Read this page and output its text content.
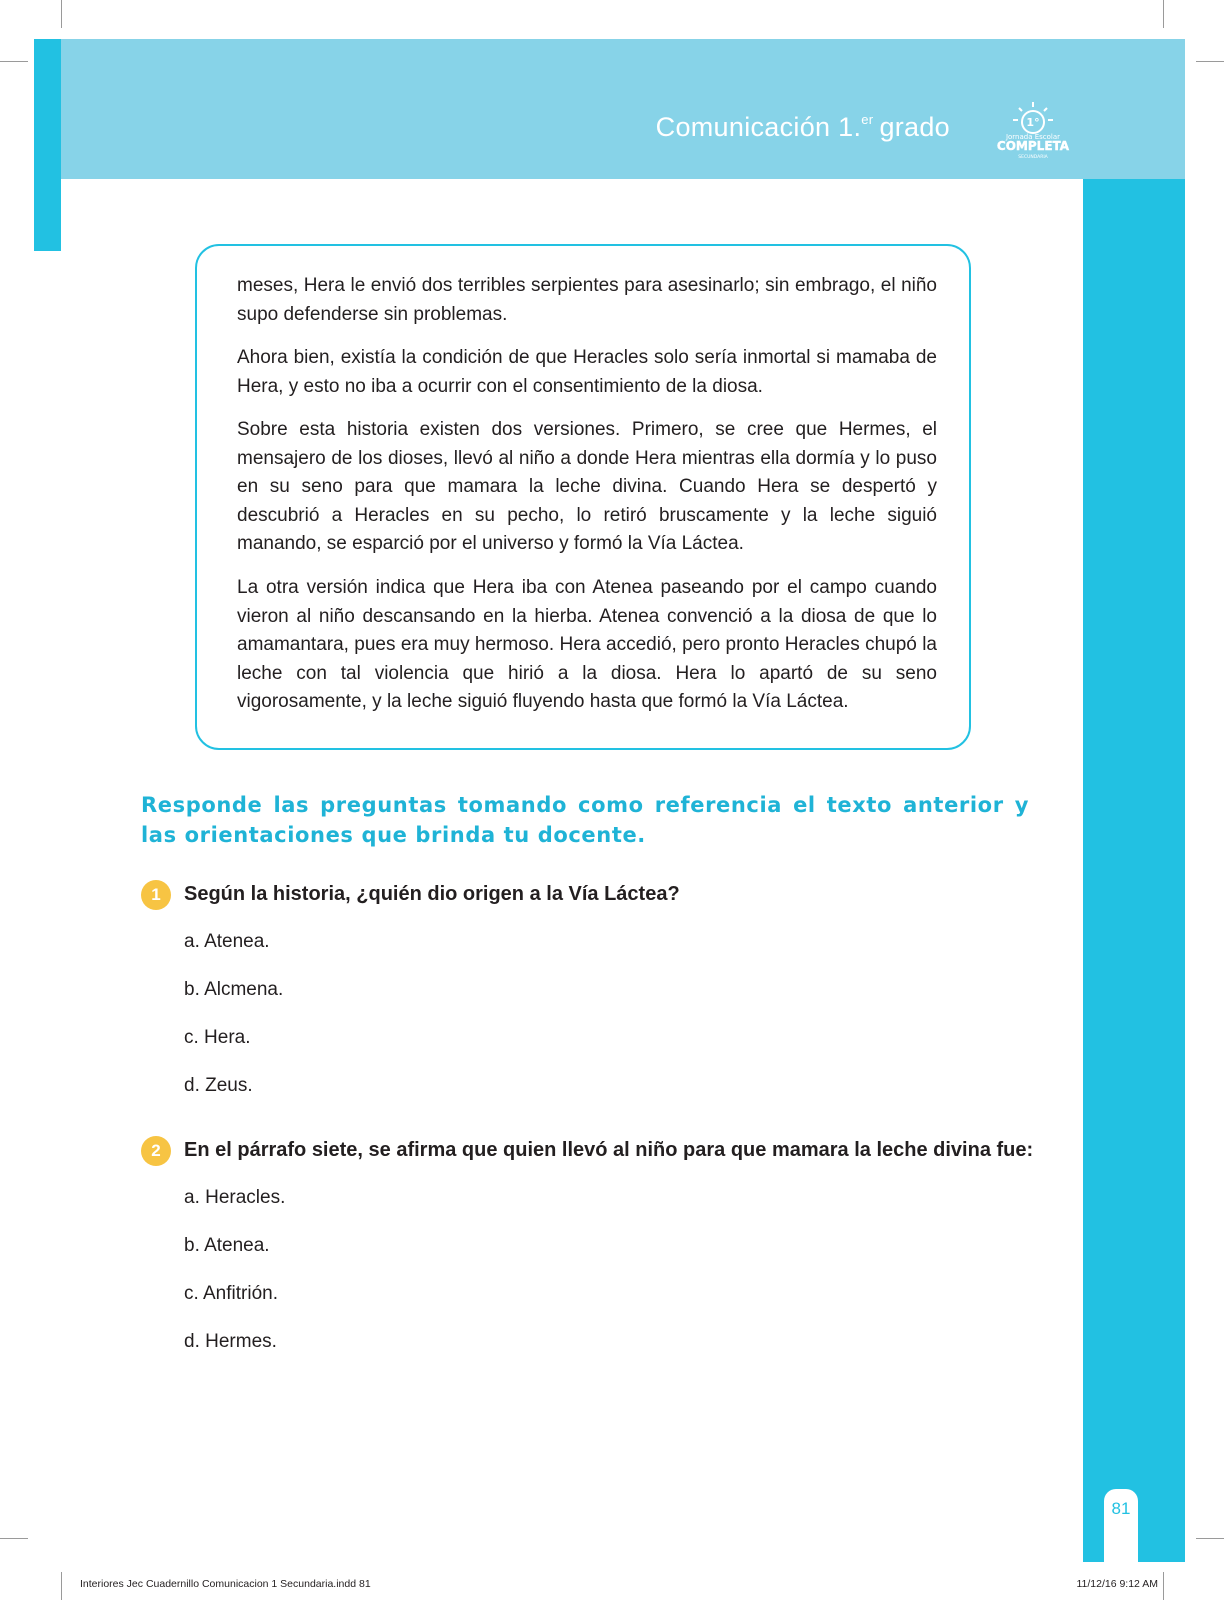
Comunicación 1.$^{er}$ grado	1°
Jornada Escolar
COMPLETA
SECUNDARIA

meses, Hera le envió dos terribles serpientes para asesinarlo; sin embrago, el niño supo defenderse sin problemas.

Ahora bien, existía la condición de que Heracles solo sería inmortal si mamaba de Hera, y esto no iba a ocurrir con el consentimiento de la diosa.

Sobre esta historia existen dos versiones. Primero, se cree que Hermes, el mensajero de los dioses, llevó al niño a donde Hera mientras ella dormía y lo puso en su seno para que mamara la leche divina. Cuando Hera se despertó y descubrió a Heracles en su pecho, lo retiró bruscamente y la leche siguió manando, se esparció por el universo y formó la Vía Láctea.

La otra versión indica que Hera iba con Atenea paseando por el campo cuando vieron al niño descansando en la hierba. Atenea convenció a la diosa de que lo amamantara, pues era muy hermoso. Hera accedió, pero pronto Heracles chupó la leche con tal violencia que hirió a la diosa. Hera lo apartó de su seno vigorosamente, y la leche siguió fluyendo hasta que formó la Vía Láctea.

Responde las preguntas tomando como referencia el texto anterior y las orientaciones que brinda tu docente.

1	Según la historia, ¿quién dio origen a la Vía Láctea?
a. Atenea.
b. Alcmena.
c. Hera.
d. Zeus.
2	En el párrafo siete, se afirma que quien llevó al niño para que mamara la leche divina fue:
a. Heracles.
b. Atenea.
c. Anfitrión.
d. Hermes.
81
Interiores Jec Cuadernillo Comunicacion 1 Secundaria.indd 81	11/12/16 9:12 AM
